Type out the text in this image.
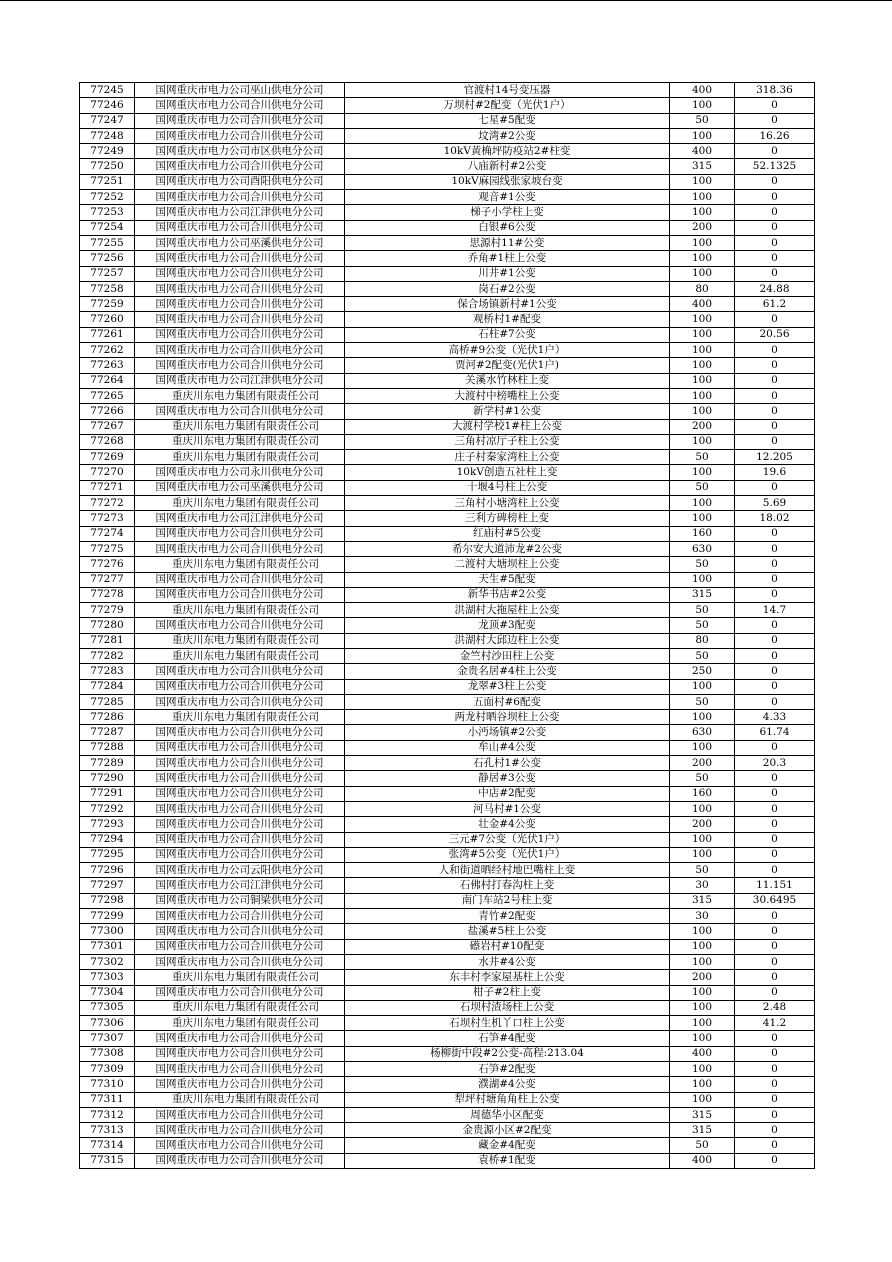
77245	国网重庆市电力公司巫山供电分公司	官渡村14号变压器	400	318.36
77246	国网重庆市电力公司合川供电分公司	万坝村#2配变（光伏1户）	100	0
77247	国网重庆市电力公司合川供电分公司	七星#5配变	50	0
77248	国网重庆市电力公司合川供电分公司	坟湾#2公变	100	16.26
77249	国网重庆市电力公司市区供电分公司	10kV黄桷坪防疫站2#柱变	400	0
77250	国网重庆市电力公司合川供电分公司	八庙新村#2公变	315	52.1325
77251	国网重庆市电力公司酉阳供电分公司	10kV麻园线张家坡台变	100	0
77252	国网重庆市电力公司合川供电分公司	观音#1公变	100	0
77253	国网重庆市电力公司江津供电分公司	梯子小学柱上变	100	0
77254	国网重庆市电力公司合川供电分公司	白银#6公变	200	0
77255	国网重庆市电力公司巫溪供电分公司	思源村11#公变	100	0
77256	国网重庆市电力公司合川供电分公司	乔角#1柱上公变	100	0
77257	国网重庆市电力公司合川供电分公司	川井#1公变	100	0
77258	国网重庆市电力公司合川供电分公司	岗石#2公变	80	24.88
77259	国网重庆市电力公司合川供电分公司	保合场镇新村#1公变	400	61.2
77260	国网重庆市电力公司合川供电分公司	观桥村1#配变	100	0
77261	国网重庆市电力公司合川供电分公司	石柱#7公变	100	20.56
77262	国网重庆市电力公司合川供电分公司	高桥#9公变（光伏1户）	100	0
77263	国网重庆市电力公司合川供电分公司	贾河#2配变(光伏1户)	100	0
77264	国网重庆市电力公司江津供电分公司	关溪水竹林柱上变	100	0
77265	重庆川东电力集团有限责任公司	大渡村中榜嘴柱上公变	100	0
77266	国网重庆市电力公司合川供电分公司	新学村#1公变	100	0
77267	重庆川东电力集团有限责任公司	大渡村学校1#柱上公变	200	0
77268	重庆川东电力集团有限责任公司	三角村凉厅子柱上公变	100	0
77269	重庆川东电力集团有限责任公司	庄子村秦家湾柱上公变	50	12.205
77270	国网重庆市电力公司永川供电分公司	10kV创造五社柱上变	100	19.6
77271	国网重庆市电力公司巫溪供电分公司	十堰4号柱上公变	50	0
77272	重庆川东电力集团有限责任公司	三角村小塘湾柱上公变	100	5.69
77273	国网重庆市电力公司江津供电分公司	三利方碑榜柱上变	100	18.02
77274	国网重庆市电力公司合川供电分公司	红庙村#5公变	160	0
77275	国网重庆市电力公司合川供电分公司	希尔安大道沛龙#2公变	630	0
77276	重庆川东电力集团有限责任公司	二渡村大塘坝柱上公变	50	0
77277	国网重庆市电力公司合川供电分公司	天生#5配变	100	0
77278	国网重庆市电力公司合川供电分公司	新华书店#2公变	315	0
77279	重庆川东电力集团有限责任公司	洪湖村大拖屋柱上公变	50	14.7
77280	国网重庆市电力公司合川供电分公司	龙顶#3配变	50	0
77281	重庆川东电力集团有限责任公司	洪湖村大邱边柱上公变	80	0
77282	重庆川东电力集团有限责任公司	金竺村沙田柱上公变	50	0
77283	国网重庆市电力公司合川供电分公司	金贵名居#4柱上公变	250	0
77284	国网重庆市电力公司合川供电分公司	龙翠#3柱上公变	100	0
77285	国网重庆市电力公司合川供电分公司	五面村#6配变	50	0
77286	重庆川东电力集团有限责任公司	两龙村晒谷坝柱上公变	100	4.33
77287	国网重庆市电力公司合川供电分公司	小沔场镇#2公变	630	61.74
77288	国网重庆市电力公司合川供电分公司	牟山#4公变	100	0
77289	国网重庆市电力公司合川供电分公司	石孔村1#公变	200	20.3
77290	国网重庆市电力公司合川供电分公司	静居#3公变	50	0
77291	国网重庆市电力公司合川供电分公司	中店#2配变	160	0
77292	国网重庆市电力公司合川供电分公司	河马村#1公变	100	0
77293	国网重庆市电力公司合川供电分公司	壮金#4公变	200	0
77294	国网重庆市电力公司合川供电分公司	三元#7公变（光伏1户）	100	0
77295	国网重庆市电力公司合川供电分公司	张湾#5公变（光伏1户）	100	0
77296	国网重庆市电力公司云阳供电分公司	人和街道晒经村地巴嘴柱上变	50	0
77297	国网重庆市电力公司江津供电分公司	石佛村打春沟柱上变	30	11.151
77298	国网重庆市电力公司铜梁供电分公司	南门车站2号柱上变	315	30.6495
77299	国网重庆市电力公司合川供电分公司	青竹#2配变	30	0
77300	国网重庆市电力公司合川供电分公司	盐溪#5柱上公变	100	0
77301	国网重庆市电力公司合川供电分公司	礤岩村#10配变	100	0
77302	国网重庆市电力公司合川供电分公司	水井#4公变	100	0
77303	重庆川东电力集团有限责任公司	东丰村李家屋基柱上公变	200	0
77304	国网重庆市电力公司合川供电分公司	柑子#2柱上变	100	0
77305	重庆川东电力集团有限责任公司	石坝村渣场柱上公变	100	2.48
77306	重庆川东电力集团有限责任公司	石坝村生机丫口柱上公变	100	41.2
77307	国网重庆市电力公司合川供电分公司	石笋#4配变	100	0
77308	国网重庆市电力公司合川供电分公司	杨柳街中段#2公变-高程:213.04	400	0
77309	国网重庆市电力公司合川供电分公司	石笋#2配变	100	0
77310	国网重庆市电力公司合川供电分公司	濮湖#4公变	100	0
77311	重庆川东电力集团有限责任公司	犁坪村塘角角柱上公变	100	0
77312	国网重庆市电力公司合川供电分公司	周德华小区配变	315	0
77313	国网重庆市电力公司合川供电分公司	金贵源小区#2配变	315	0
77314	国网重庆市电力公司合川供电分公司	藏金#4配变	50	0
77315	国网重庆市电力公司合川供电分公司	袁桥#1配变	400	0
